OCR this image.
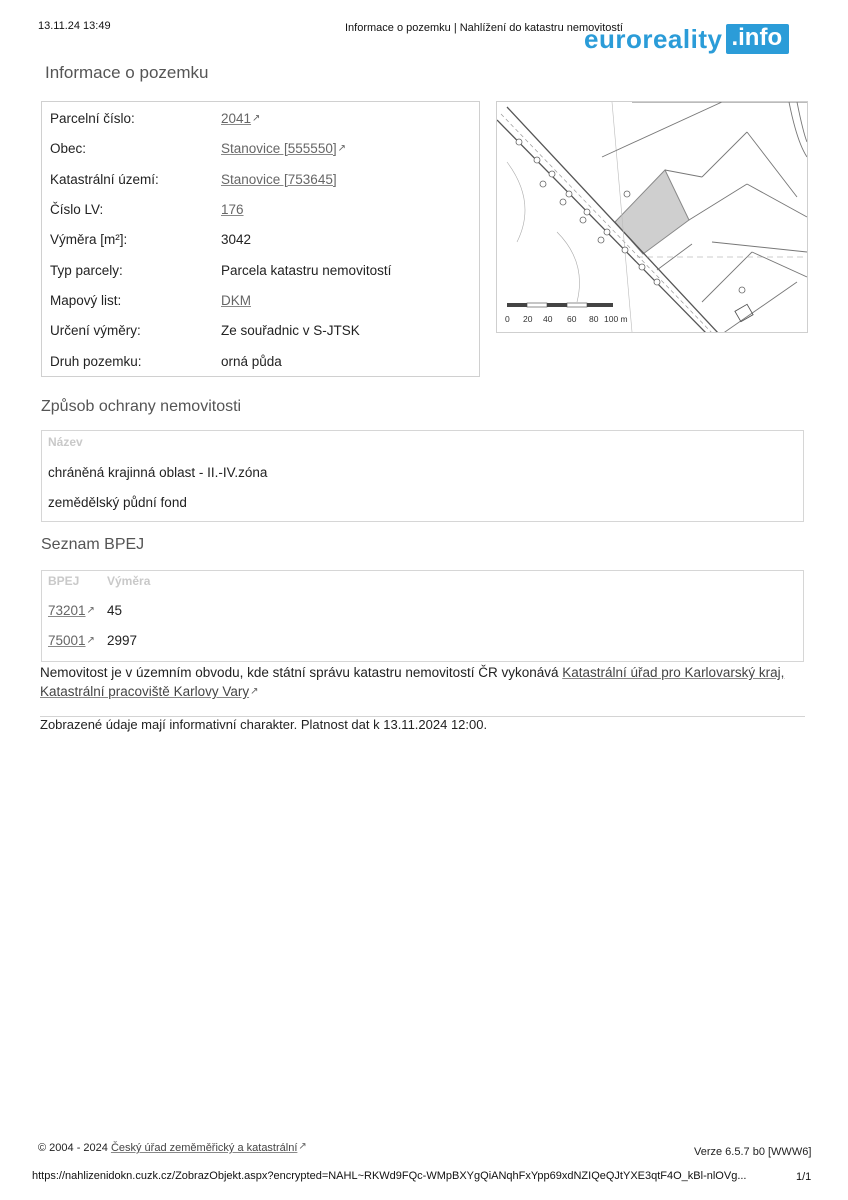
13.11.24 13:49	Informace o pozemku | Nahlížení do katastru nemovitostí
euroreality .info
Informace o pozemku
Parcelní číslo:	2041↗
Obec:	Stanovice [555550]↗
Katastrální území:	Stanovice [753645]
Číslo LV:	176
Výměra [m²]:	3042
Typ parcely:	Parcela katastru nemovitostí
Mapový list:	DKM
Určení výměry:	Ze souřadnic v S-JTSK
Druh pozemku:	orná půda
0 20 40 60 80 100 m
Způsob ochrany nemovitosti
Název
chráněná krajinná oblast - II.-IV.zóna
zemědělský půdní fond
Seznam BPEJ
BPEJ Výměra
73201↗ 45
75001↗ 2997
Nemovitost je v územním obvodu, kde státní správu katastru nemovitostí ČR vykonává Katastrální úřad pro Karlovarský kraj,
Katastrální pracoviště Karlovy Vary↗
Zobrazené údaje mají informativní charakter. Platnost dat k 13.11.2024 12:00.
© 2004 - 2024 Český úřad zeměměřický a katastrální↗	Verze 6.5.7 b0 [WWW6]
https://nahlizenidokn.cuzk.cz/ZobrazObjekt.aspx?encrypted=NAHL~RKWd9FQc-WMpBXYgQiANqhFxYpp69xdNZIQeQJtYXE3qtF4O_kBl-nlOVg...	1/1
